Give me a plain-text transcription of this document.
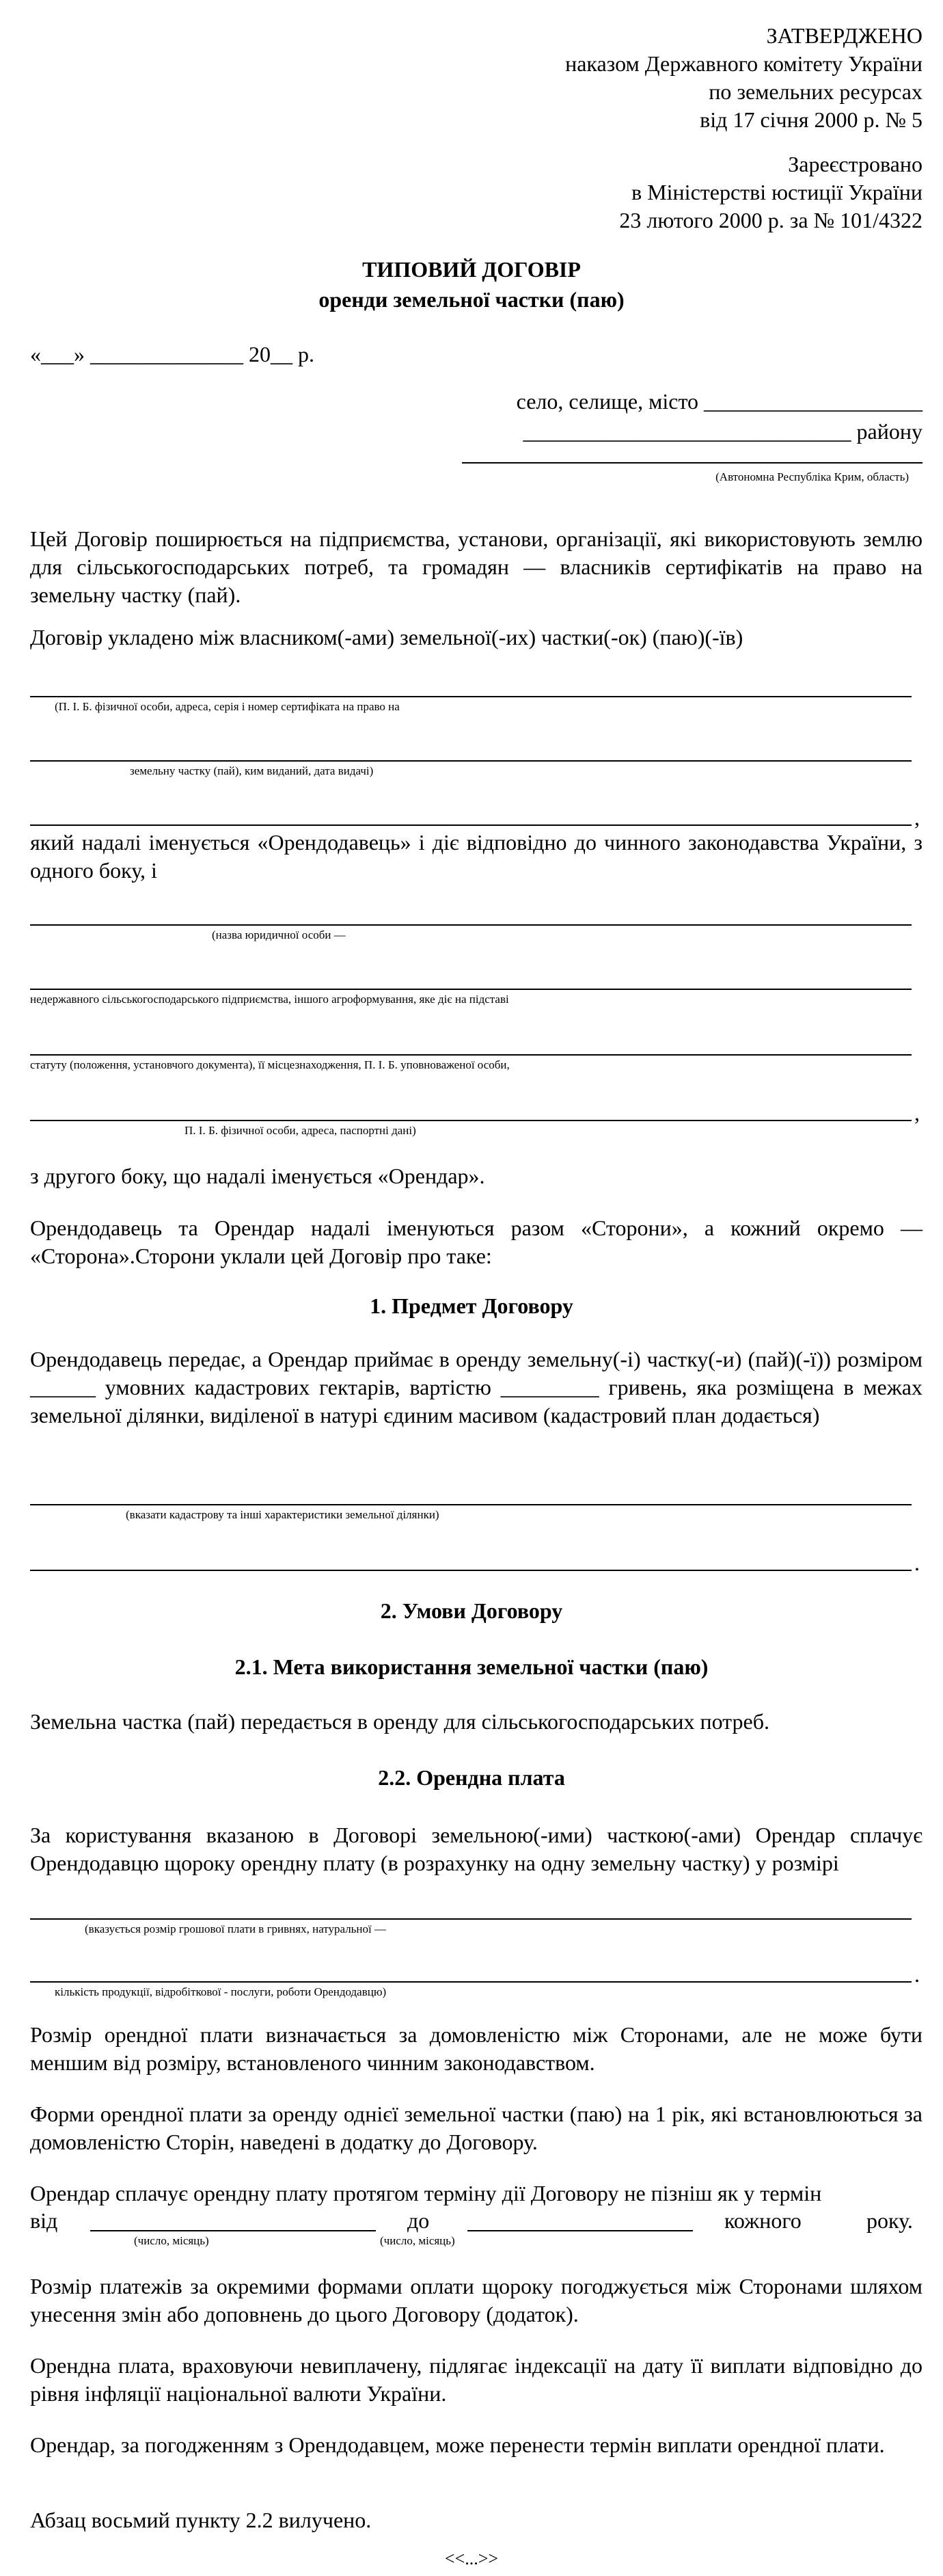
ЗАТВЕРДЖЕНО
наказом Державного комітету України
по земельних ресурсах
від 17 січня 2000 р. № 5
Зареєстровано
в Міністерстві юстиції України
23 лютого 2000 р. за № 101/4322
ТИПОВИЙ ДОГОВІР
оренди земельної частки (паю)
«___» ______________ 20__ р.
село, селище, місто ____________________
______________________________ району
(Автономна Республіка Крим, область)
Цей Договір поширюється на підприємства, установи, організації, які використовують землю для сільськогосподарських потреб, та громадян — власників сертифікатів на право на земельну частку (пай).
Договір укладено між власником(-ами) земельної(-их) частки(-ок) (паю)(-їв)
(П. І. Б. фізичної особи, адреса, серія і номер сертифіката на право на
земельну частку (пай), ким виданий, дата видачі)
,
який надалі іменується «Орендодавець» і діє відповідно до чинного законодавства України, з одного боку, і
(назва юридичної особи —
недержавного сільськогосподарського підприємства, іншого агроформування, яке діє на підставі
статуту (положення, установчого документа), її місцезнаходження, П. І. Б. уповноваженої особи,
,
П. І. Б. фізичної особи, адреса, паспортні дані)
з другого боку, що надалі іменується «Орендар».
Орендодавець та Орендар надалі іменуються разом «Сторони», а кожний окремо — «Сторона».Сторони уклали цей Договір про таке:
1. Предмет Договору
Орендодавець передає, а Орендар приймає в оренду земельну(-і) частку(-и) (пай)(-ї)) розміром ______ умовних кадастрових гектарів, вартістю _________ гривень, яка розміщена в межах земельної ділянки, виділеної в натурі єдиним масивом (кадастровий план додається)
(вказати кадастрову та інші характеристики земельної ділянки)
.
2. Умови Договору
2.1. Мета використання земельної частки (паю)
Земельна частка (пай) передається в оренду для сільськогосподарських потреб.
2.2. Орендна плата
За користування вказаною в Договорі земельною(-ими) часткою(-ами) Орендар сплачує Орендодавцю щороку орендну плату (в розрахунку на одну земельну частку) у розмірі
(вказується розмір грошової плати в гривнях, натуральної —
.
кількість продукції, відробіткової - послуги, роботи Орендодавцю)
Розмір орендної плати визначається за домовленістю між Сторонами, але не може бути меншим від розміру, встановленого чинним законодавством.
Форми орендної плати за оренду однієї земельної частки (паю) на 1 рік, які встановлюються за домовленістю Сторін, наведені в додатку до Договору.
Орендар сплачує орендну плату протягом терміну дії Договору не пізніш як у термін
від	до	кожного	року.
(число, місяць)	(число, місяць)
Розмір платежів за окремими формами оплати щороку погоджується між Сторонами шляхом унесення змін або доповнень до цього Договору (додаток).
Орендна плата, враховуючи невиплачену, підлягає індексації на дату її виплати відповідно до рівня інфляції національної валюти України.
Орендар, за погодженням з Орендодавцем, може перенести термін виплати орендної плати.
Абзац восьмий пункту 2.2 вилучено.
<<...>>
